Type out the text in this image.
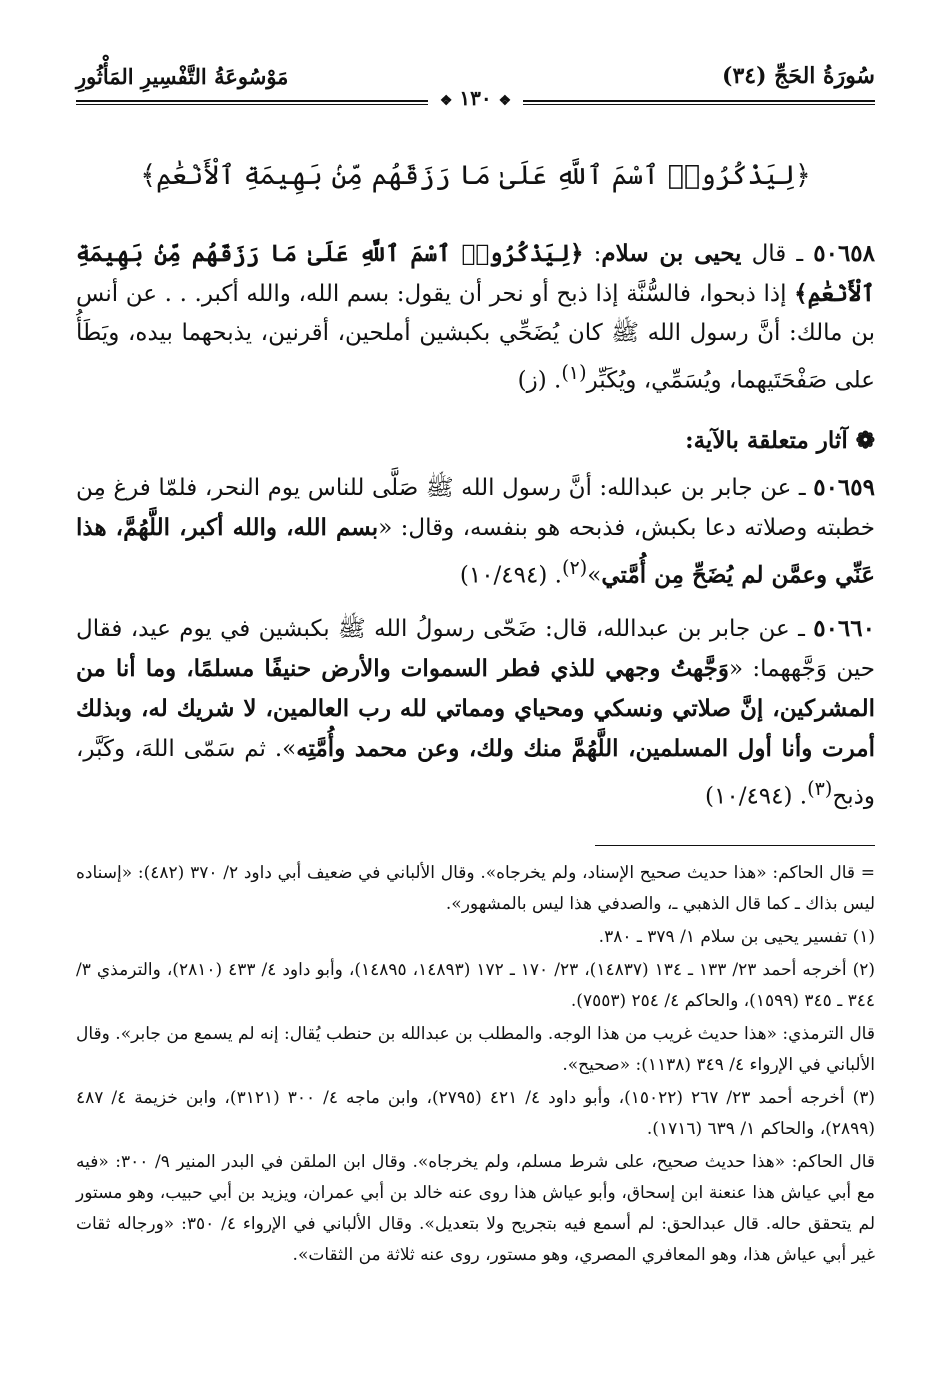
سُورَةُ الحَجِّ (٣٤)
مَوْسُوعَةُ التَّفْسِيرِ المَأْثُورِ
❖ ١٣٠ ❖
﴿لِيَذْكُرُوا۟ ٱسْمَ ٱللَّهِ عَلَىٰ مَا رَزَقَهُم مِّنۢ بَهِيمَةِ ٱلْأَنْعَٰمِ﴾

٥٠٦٥٨ ـ قال يحيى بن سلام: ﴿لِيَذْكُرُوا۟ ٱسْمَ ٱللَّهِ عَلَىٰ مَا رَزَقَهُم مِّنۢ بَهِيمَةِ ٱلْأَنْعَٰمِ﴾ إذا ذبحوا، فالسُّنَّة إذا ذبح أو نحر أن يقول: بسم الله، والله أكبر. . . عن أنس بن مالك: أنَّ رسول الله ﷺ كان يُضَحِّي بكبشين أملحين، أقرنين، يذبحهما بيده، ويَطَأُ على صَفْحَتَيهما، ويُسَمِّي، ويُكَبِّر$^{(١)}$. (ز)

❁ آثار متعلقة بالآية:

٥٠٦٥٩ ـ عن جابر بن عبدالله: أنَّ رسول الله ﷺ صَلَّى للناس يوم النحر، فلمّا فرغ مِن خطبته وصلاته دعا بكبش، فذبحه هو بنفسه، وقال: «بسم الله، والله أكبر، اللَّهُمَّ، هذا عَنِّي وعمَّن لم يُضَحِّ مِن أُمَّتي»$^{(٢)}$. (١٠/٤٩٤)

٥٠٦٦٠ ـ عن جابر بن عبدالله، قال: ضَحّى رسولُ الله ﷺ بكبشين في يوم عيد، فقال حين وَجَّههما: «وَجَّهتُ وجهي للذي فطر السموات والأرض حنيفًا مسلمًا، وما أنا من المشركين، إنَّ صلاتي ونسكي ومحياي ومماتي لله رب العالمين، لا شريك له، وبذلك أمرت وأنا أول المسلمين، اللَّهُمَّ منك ولك، وعن محمد وأُمَّتِه». ثم سَمّى اللهَ، وكَبَّر، وذبح$^{(٣)}$. (١٠/٤٩٤)

= قال الحاكم: «هذا حديث صحيح الإسناد، ولم يخرجاه». وقال الألباني في ضعيف أبي داود ٢/ ٣٧٠ (٤٨٢): «إسناده ليس بذاك ـ كما قال الذهبي ـ، والصدفي هذا ليس بالمشهور».

(١) تفسير يحيى بن سلام ١/ ٣٧٩ ـ ٣٨٠.

(٢) أخرجه أحمد ٢٣/ ١٣٣ ـ ١٣٤ (١٤٨٣٧)، ٢٣/ ١٧٠ ـ ١٧٢ (١٤٨٩٣، ١٤٨٩٥)، وأبو داود ٤/ ٤٣٣ (٢٨١٠)، والترمذي ٣/ ٣٤٤ ـ ٣٤٥ (١٥٩٩)، والحاكم ٤/ ٢٥٤ (٧٥٥٣).

قال الترمذي: «هذا حديث غريب من هذا الوجه. والمطلب بن عبدالله بن حنطب يُقال: إنه لم يسمع من جابر». وقال الألباني في الإرواء ٤/ ٣٤٩ (١١٣٨): «صحيح».

(٣) أخرجه أحمد ٢٣/ ٢٦٧ (١٥٠٢٢)، وأبو داود ٤/ ٤٢١ (٢٧٩٥)، وابن ماجه ٤/ ٣٠٠ (٣١٢١)، وابن خزيمة ٤/ ٤٨٧ (٢٨٩٩)، والحاكم ١/ ٦٣٩ (١٧١٦).

قال الحاكم: «هذا حديث صحيح، على شرط مسلم، ولم يخرجاه». وقال ابن الملقن في البدر المنير ٩/ ٣٠٠: «فيه مع أبي عياش هذا عنعنة ابن إسحاق، وأبو عياش هذا روى عنه خالد بن أبي عمران، ويزيد بن أبي حبيب، وهو مستور لم يتحقق حاله. قال عبدالحق: لم أسمع فيه بتجريح ولا بتعديل». وقال الألباني في الإرواء ٤/ ٣٥٠: «ورجاله ثقات غير أبي عياش هذا، وهو المعافري المصري، وهو مستور، روى عنه ثلاثة من الثقات».
